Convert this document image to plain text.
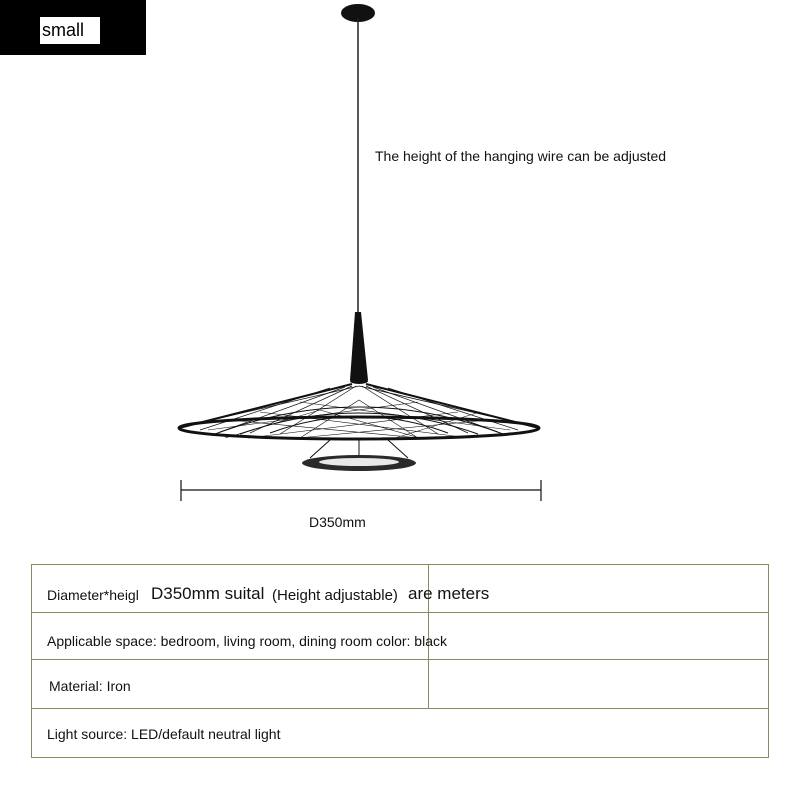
small
The height of the hanging wire can be adjusted
D350mm
Diameter*heigl D350mm suital (Height adjustable) are meters
Applicable space: bedroom, living room, dining room color: black
Material: Iron
Light source: LED/default neutral light
